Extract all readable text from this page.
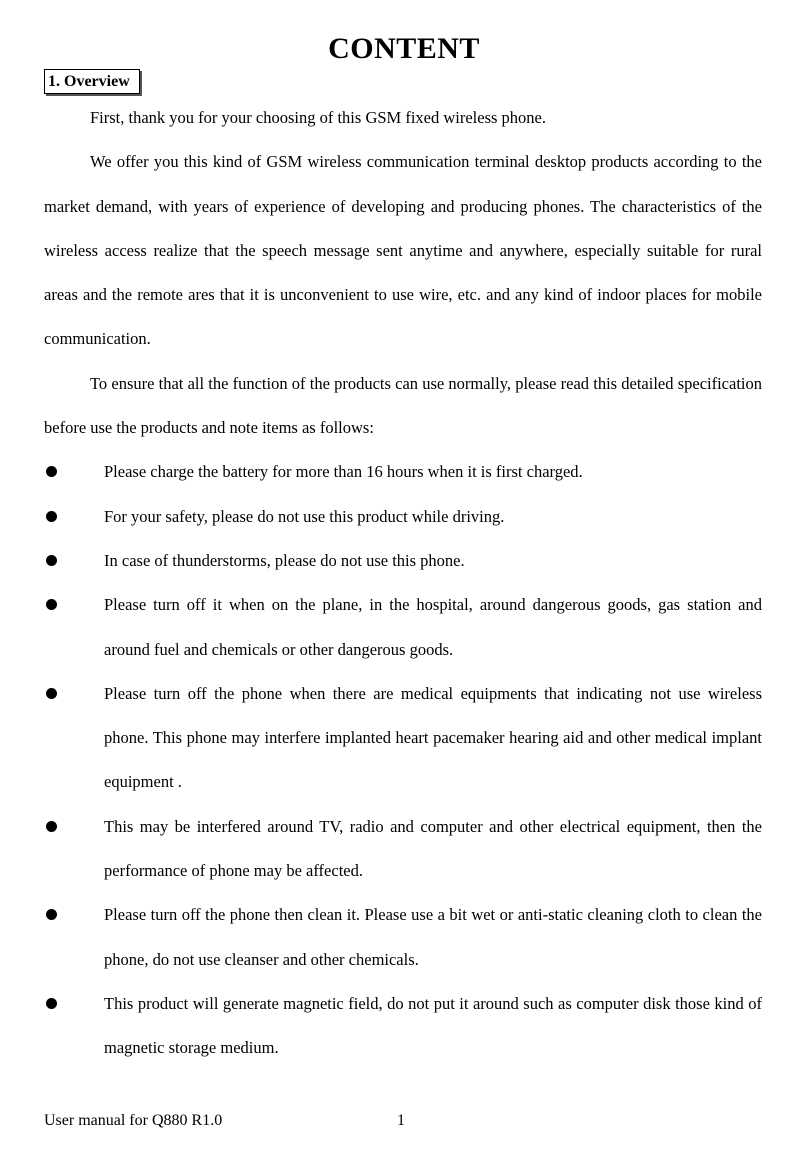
CONTENT
1. Overview

First, thank you for your choosing of this GSM fixed wireless phone.

We offer you this kind of GSM wireless communication terminal desktop products according to the market demand, with years of experience of developing and producing phones. The characteristics of the wireless access realize that the speech message sent anytime and anywhere, especially suitable for rural areas and the remote ares that it is unconvenient to use wire, etc. and any kind of indoor places for mobile communication.

To ensure that all the function of the products can use normally, please read this detailed specification before use the products and note items as follows:

Please charge the battery for more than 16 hours when it is first charged.
For your safety, please do not use this product while driving.
In case of thunderstorms, please do not use this phone.
Please turn off it when on the plane, in the hospital, around dangerous goods, gas station and around fuel and chemicals or other dangerous goods.
Please turn off the phone when there are medical equipments that indicating not use wireless phone. This phone may interfere implanted heart pacemaker hearing aid and other medical implant equipment .
This may be interfered around TV, radio and computer and other electrical equipment, then the performance of phone may be affected.
Please turn off the phone then clean it. Please use a bit wet or anti-static cleaning cloth to clean the phone, do not use cleanser and other chemicals.
This product will generate magnetic field, do not put it around such as computer disk those kind of magnetic storage medium.
User manual for Q880 R1.0	1
